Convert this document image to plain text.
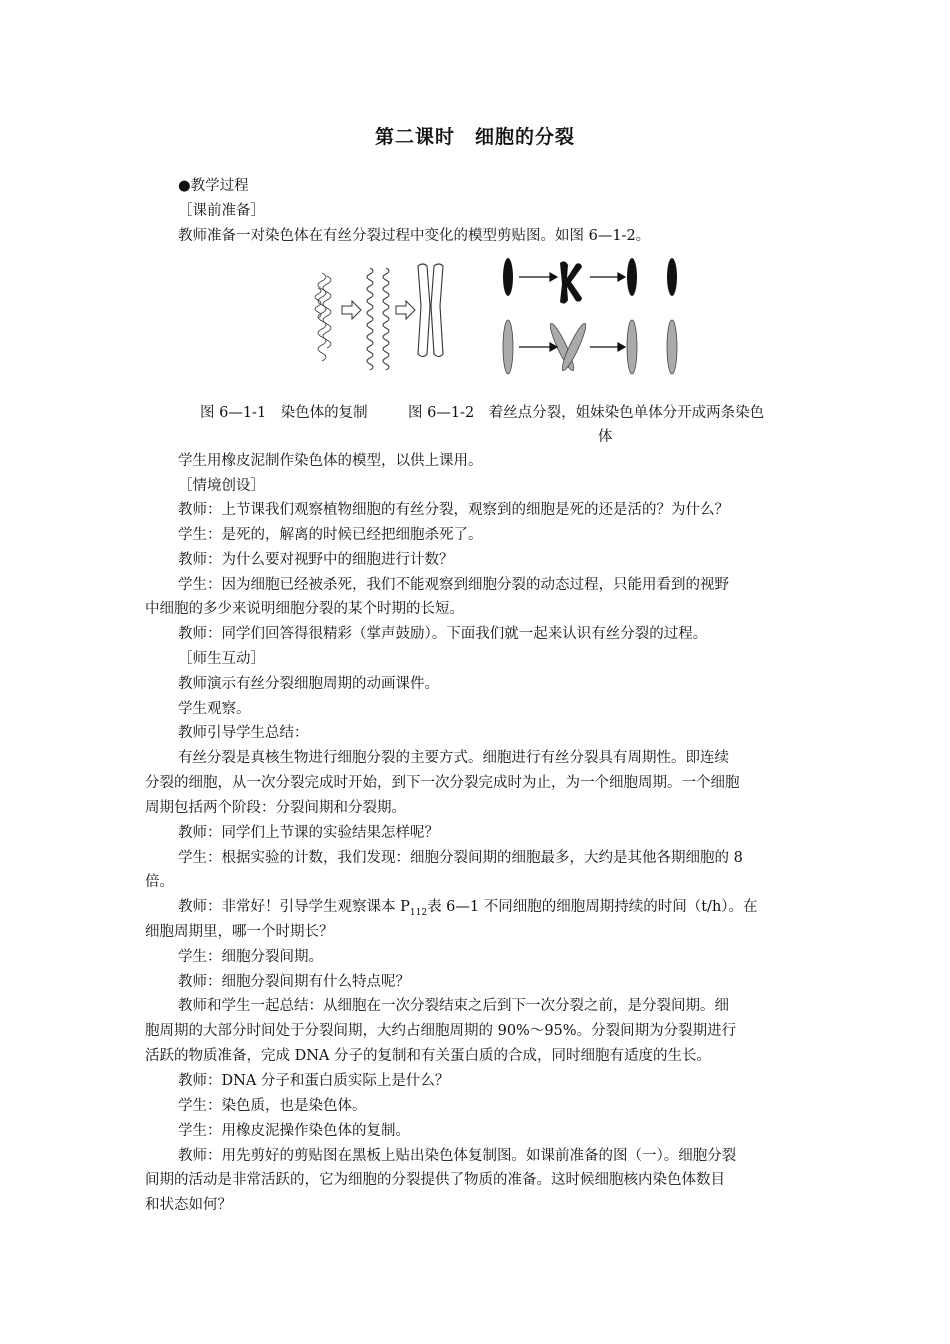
第二课时　细胞的分裂
●教学过程
［课前准备］
教师准备一对染色体在有丝分裂过程中变化的模型剪贴图。如图 6—1-2。
图 6—1-1　染色体的复制	图 6—1-2　着丝点分裂，姐妹染色单体分开成两条染色
体
学生用橡皮泥制作染色体的模型，以供上课用。
［情境创设］
教师：上节课我们观察植物细胞的有丝分裂，观察到的细胞是死的还是活的？为什么？
学生：是死的，解离的时候已经把细胞杀死了。
教师：为什么要对视野中的细胞进行计数？
学生：因为细胞已经被杀死，我们不能观察到细胞分裂的动态过程，只能用看到的视野
中细胞的多少来说明细胞分裂的某个时期的长短。
教师：同学们回答得很精彩（掌声鼓励）。下面我们就一起来认识有丝分裂的过程。
［师生互动］
教师演示有丝分裂细胞周期的动画课件。
学生观察。
教师引导学生总结：
有丝分裂是真核生物进行细胞分裂的主要方式。细胞进行有丝分裂具有周期性。即连续
分裂的细胞，从一次分裂完成时开始，到下一次分裂完成时为止，为一个细胞周期。一个细胞
周期包括两个阶段：分裂间期和分裂期。
教师：同学们上节课的实验结果怎样呢？
学生：根据实验的计数，我们发现：细胞分裂间期的细胞最多，大约是其他各期细胞的 8
倍。
教师：非常好！引导学生观察课本 $P_{112}$表 6—1 不同细胞的细胞周期持续的时间（t/h）。在
细胞周期里，哪一个时期长？
学生：细胞分裂间期。
教师：细胞分裂间期有什么特点呢？
教师和学生一起总结：从细胞在一次分裂结束之后到下一次分裂之前，是分裂间期。细
胞周期的大部分时间处于分裂间期，大约占细胞周期的 90%～95%。分裂间期为分裂期进行
活跃的物质准备，完成 DNA 分子的复制和有关蛋白质的合成，同时细胞有适度的生长。
教师：DNA 分子和蛋白质实际上是什么？
学生：染色质，也是染色体。
学生：用橡皮泥操作染色体的复制。
教师：用先剪好的剪贴图在黑板上贴出染色体复制图。如课前准备的图（一）。细胞分裂
间期的活动是非常活跃的，它为细胞的分裂提供了物质的准备。这时候细胞核内染色体数目
和状态如何？
